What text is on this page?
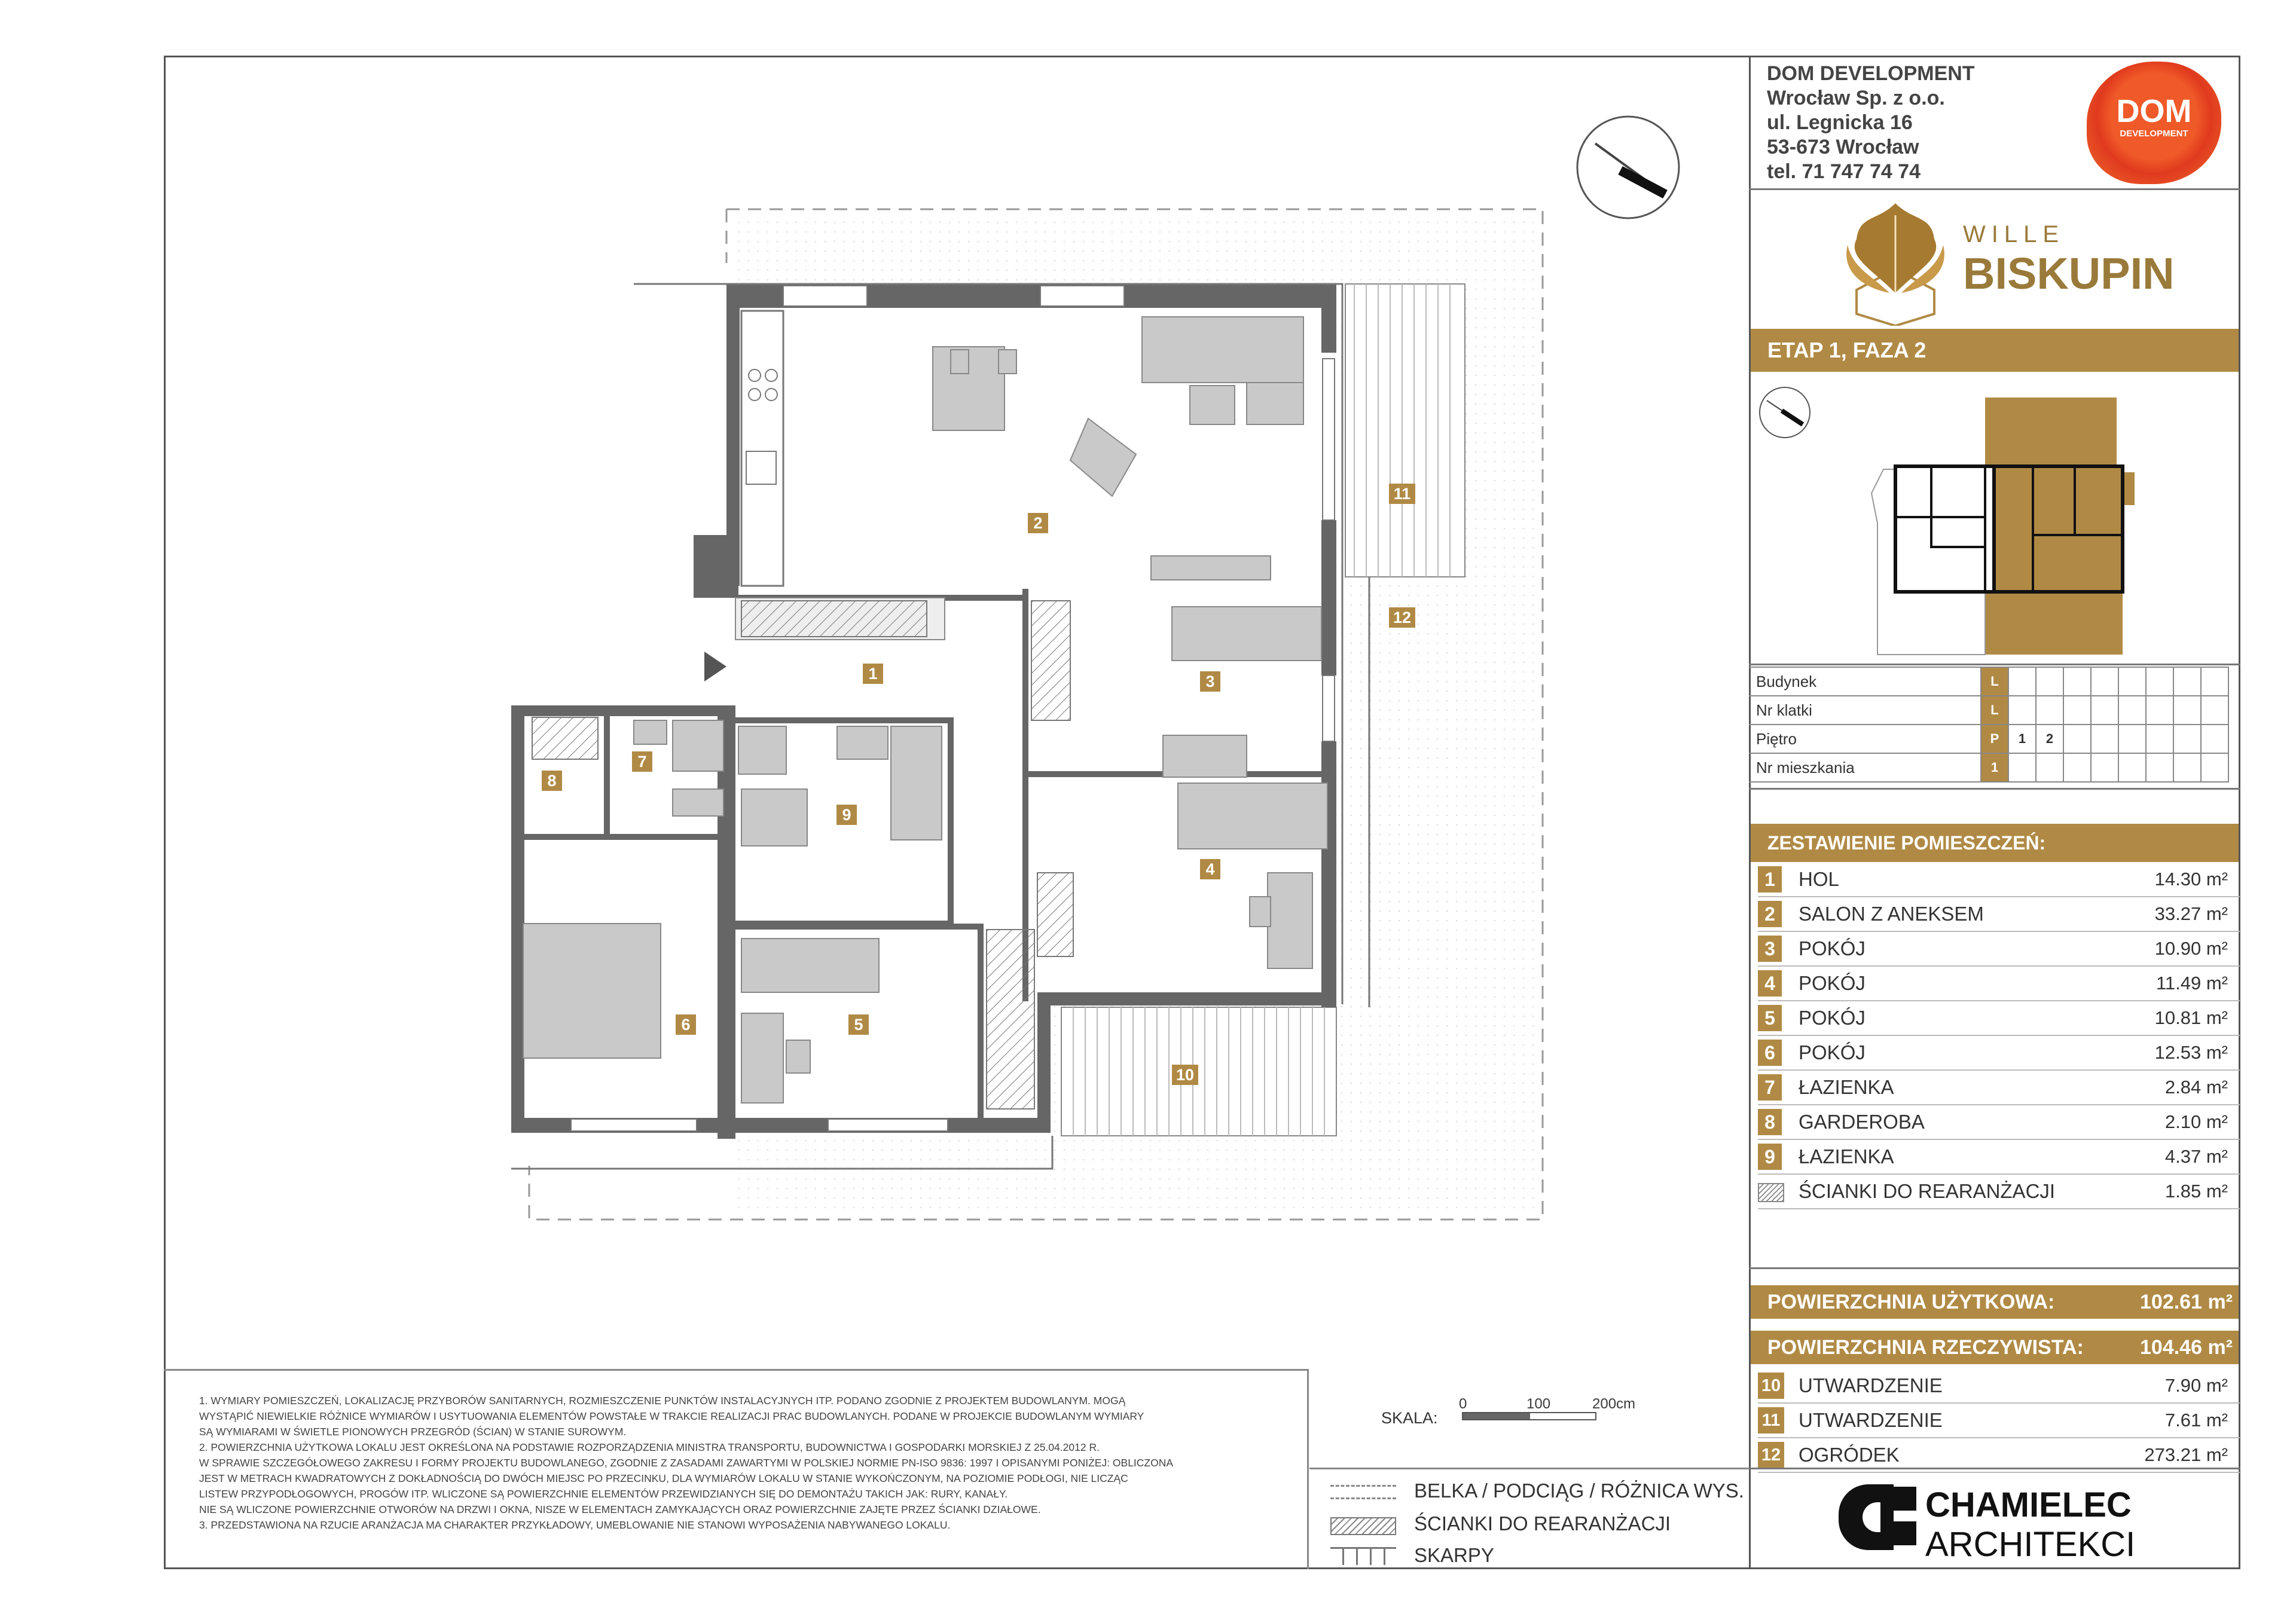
1
2
3
4
5
6
7
8
9
10
11
12
DOM DEVELOPMENT
Wrocław Sp. z o.o.
ul. Legnicka 16
53-673 Wrocław
tel. 71 747 74 74
DOM
DEVELOPMENT
WILLE
BISKUPIN
ETAP 1, FAZA 2
Budynek	L								
Nr klatki	L								
Piętro	P	1	2						
Nr mieszkania	1								
ZESTAWIENIE POMIESZCZEŃ:
1	HOL	14.30 m²
2	SALON Z ANEKSEM	33.27 m²
3	POKÓJ	10.90 m²
4	POKÓJ	11.49 m²
5	POKÓJ	10.81 m²
6	POKÓJ	12.53 m²
7	ŁAZIENKA	2.84 m²
8	GARDEROBA	2.10 m²
9	ŁAZIENKA	4.37 m²
	ŚCIANKI DO REARANŻACJI	1.85 m²
POWIERZCHNIA UŻYTKOWA:	102.61 m²
POWIERZCHNIA RZECZYWISTA:	104.46 m²
10	UTWARDZENIE	7.90 m²
11	UTWARDZENIE	7.61 m²
12	OGRÓDEK	273.21 m²
CHAMIELEC
ARCHITEKCI
1. WYMIARY POMIESZCZEŃ, LOKALIZACJĘ PRZYBORÓW SANITARNYCH, ROZMIESZCZENIE PUNKTÓW INSTALACYJNYCH ITP. PODANO ZGODNIE Z PROJEKTEM BUDOWLANYM. MOGĄ
WYSTĄPIĆ NIEWIELKIE RÓŻNICE WYMIARÓW I USYTUOWANIA ELEMENTÓW POWSTAŁE W TRAKCIE REALIZACJI PRAC BUDOWLANYCH. PODANE W PROJEKCIE BUDOWLANYM WYMIARY
SĄ WYMIARAMI W ŚWIETLE PIONOWYCH PRZEGRÓD (ŚCIAN) W STANIE SUROWYM.
2. POWIERZCHNIA UŻYTKOWA LOKALU JEST OKREŚLONA NA PODSTAWIE ROZPORZĄDZENIA MINISTRA TRANSPORTU, BUDOWNICTWA I GOSPODARKI MORSKIEJ Z 25.04.2012 R.
W SPRAWIE SZCZEGÓŁOWEGO ZAKRESU I FORMY PROJEKTU BUDOWLANEGO, ZGODNIE Z ZASADAMI ZAWARTYMI W POLSKIEJ NORMIE PN-ISO 9836: 1997 I OPISANYMI PONIŻEJ: OBLICZONA
JEST W METRACH KWADRATOWYCH Z DOKŁADNOŚCIĄ DO DWÓCH MIEJSC PO PRZECINKU, DLA WYMIARÓW LOKALU W STANIE WYKOŃCZONYM, NA POZIOMIE PODŁOGI, NIE LICZĄC
LISTEW PRZYPODŁOGOWYCH, PROGÓW ITP. WLICZONE SĄ POWIERZCHNIE ELEMENTÓW PRZEWIDZIANYCH SIĘ DO DEMONTAŻU TAKICH JAK: RURY, KANAŁY.
NIE SĄ WLICZONE POWIERZCHNIE OTWORÓW NA DRZWI I OKNA, NISZE W ELEMENTACH ZAMYKAJĄCYCH ORAZ POWIERZCHNIE ZAJĘTE PRZEZ ŚCIANKI DZIAŁOWE.
3. PRZEDSTAWIONA NA RZUCIE ARANŻACJA MA CHARAKTER PRZYKŁADOWY, UMEBLOWANIE NIE STANOWI WYPOSAŻENIA NABYWANEGO LOKALU.
SKALA:
0	100	200cm
BELKA / PODCIĄG / RÓŻNICA WYS.
ŚCIANKI DO REARANŻACJI
SKARPY
